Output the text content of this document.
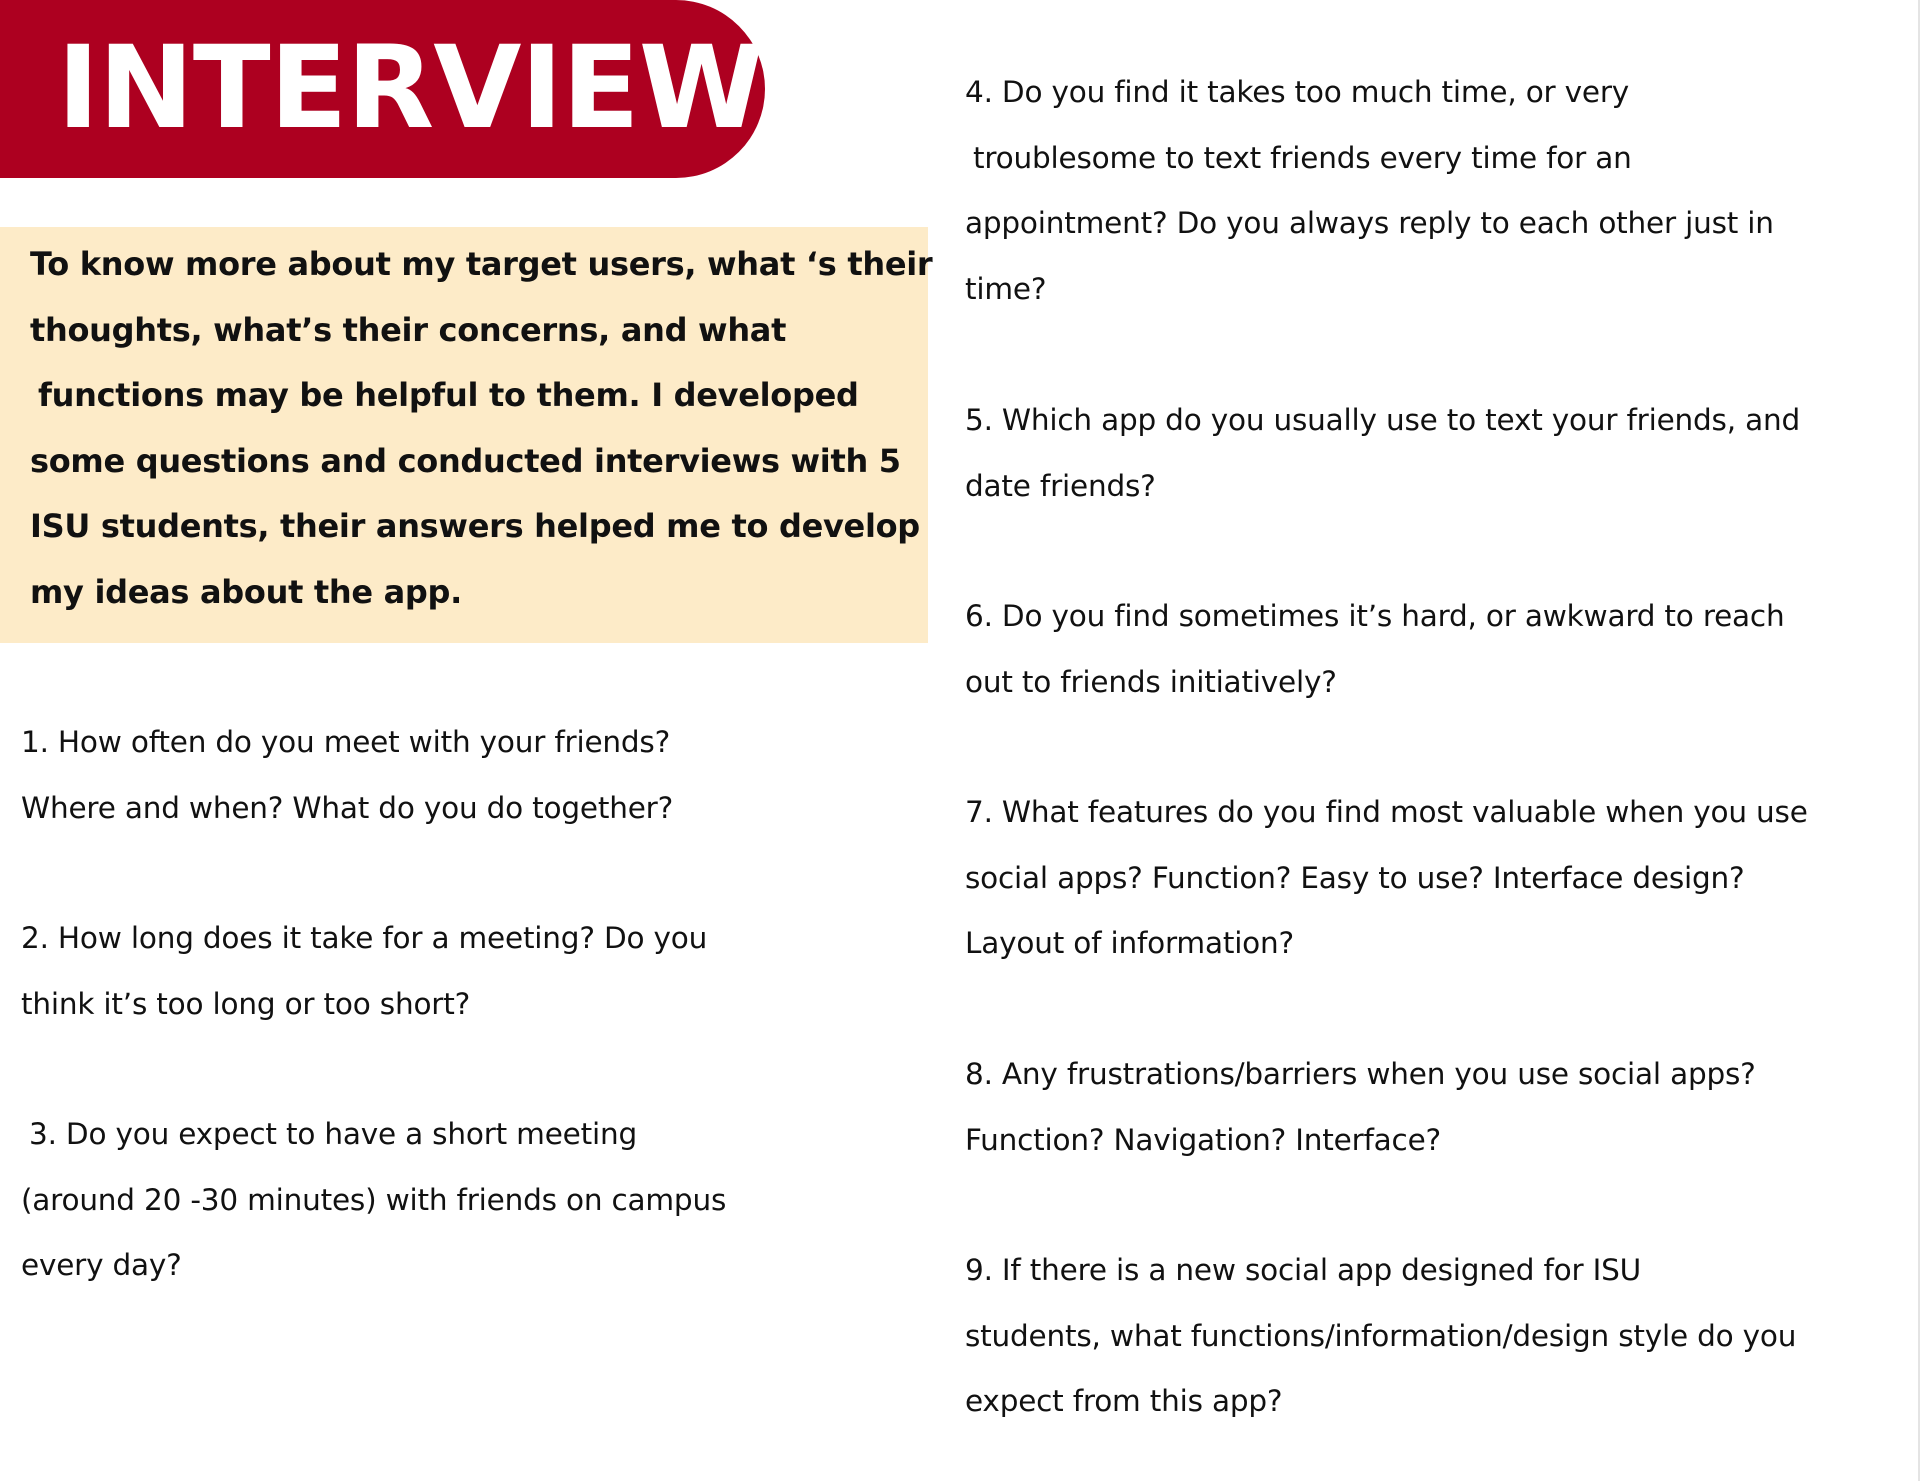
INTERVIEW
To know more about my target users, what ‘s their
thoughts, what’s their concerns, and what
functions may be helpful to them. I developed
some questions and conducted interviews with 5
ISU students, their answers helped me to develop
my ideas about the app.
1. How often do you meet with your friends?
Where and when? What do you do together?
2. How long does it take for a meeting? Do you
think it’s too long or too short?
3. Do you expect to have a short meeting
(around 20 -30 minutes) with friends on campus
every day?
4. Do you find it takes too much time, or very
troublesome to text friends every time for an
appointment? Do you always reply to each other just in
time?
5. Which app do you usually use to text your friends, and
date friends?
6. Do you find sometimes it’s hard, or awkward to reach
out to friends initiatively?
7. What features do you find most valuable when you use
social apps? Function? Easy to use? Interface design?
Layout of information?
8. Any frustrations/barriers when you use social apps?
Function? Navigation? Interface?
9. If there is a new social app designed for ISU
students, what functions/information/design style do you
expect from this app?
